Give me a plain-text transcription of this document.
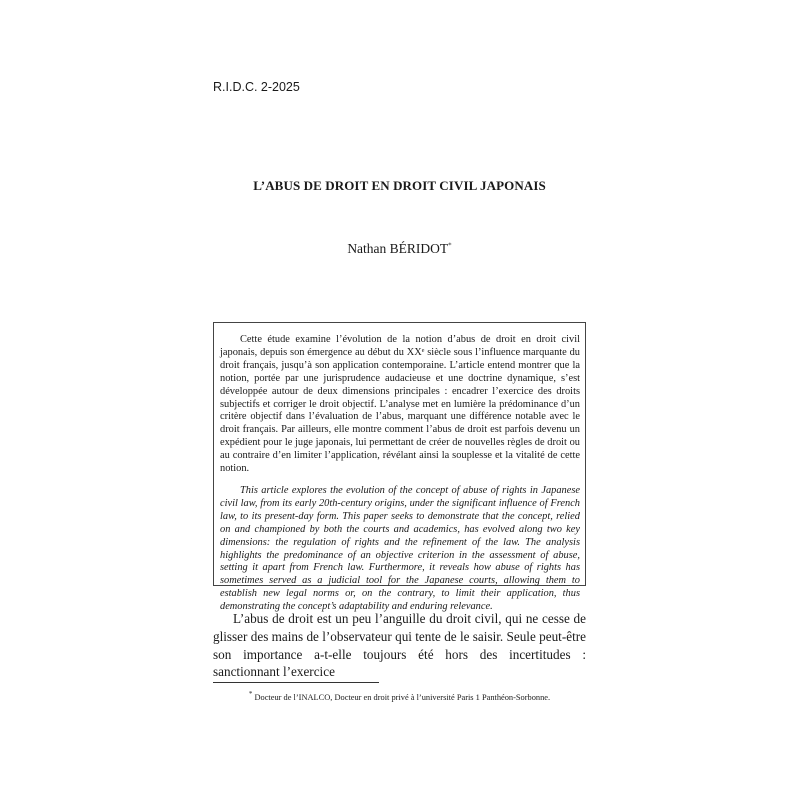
R.I.D.C. 2-2025
L’ABUS DE DROIT EN DROIT CIVIL JAPONAIS
Nathan BÉRIDOT*

Cette étude examine l’évolution de la notion d’abus de droit en droit civil japonais, depuis son émergence au début du XXᵉ siècle sous l’influence marquante du droit français, jusqu’à son application contemporaine. L’article entend montrer que la notion, portée par une jurisprudence audacieuse et une doctrine dynamique, s’est développée autour de deux dimensions principales : encadrer l’exercice des droits subjectifs et corriger le droit objectif. L’analyse met en lumière la prédominance d’un critère objectif dans l’évaluation de l’abus, marquant une différence notable avec le droit français. Par ailleurs, elle montre comment l’abus de droit est parfois devenu un expédient pour le juge japonais, lui permettant de créer de nouvelles règles de droit ou au contraire d’en limiter l’application, révélant ainsi la souplesse et la vitalité de cette notion.

This article explores the evolution of the concept of abuse of rights in Japanese civil law, from its early 20th-century origins, under the significant influence of French law, to its present-day form. This paper seeks to demonstrate that the concept, relied on and championed by both the courts and academics, has evolved along two key dimensions: the regulation of rights and the refinement of the law. The analysis highlights the predominance of an objective criterion in the assessment of abuse, setting it apart from French law. Furthermore, it reveals how abuse of rights has sometimes served as a judicial tool for the Japanese courts, allowing them to establish new legal norms or, on the contrary, to limit their application, thus demonstrating the concept’s adaptability and enduring relevance.

L’abus de droit est un peu l’anguille du droit civil, qui ne cesse de glisser des mains de l’observateur qui tente de le saisir. Seule peut-être son importance a-t-elle toujours été hors des incertitudes : sanctionnant l’exercice

* Docteur de l’INALCO, Docteur en droit privé à l’université Paris 1 Panthéon-Sorbonne.
